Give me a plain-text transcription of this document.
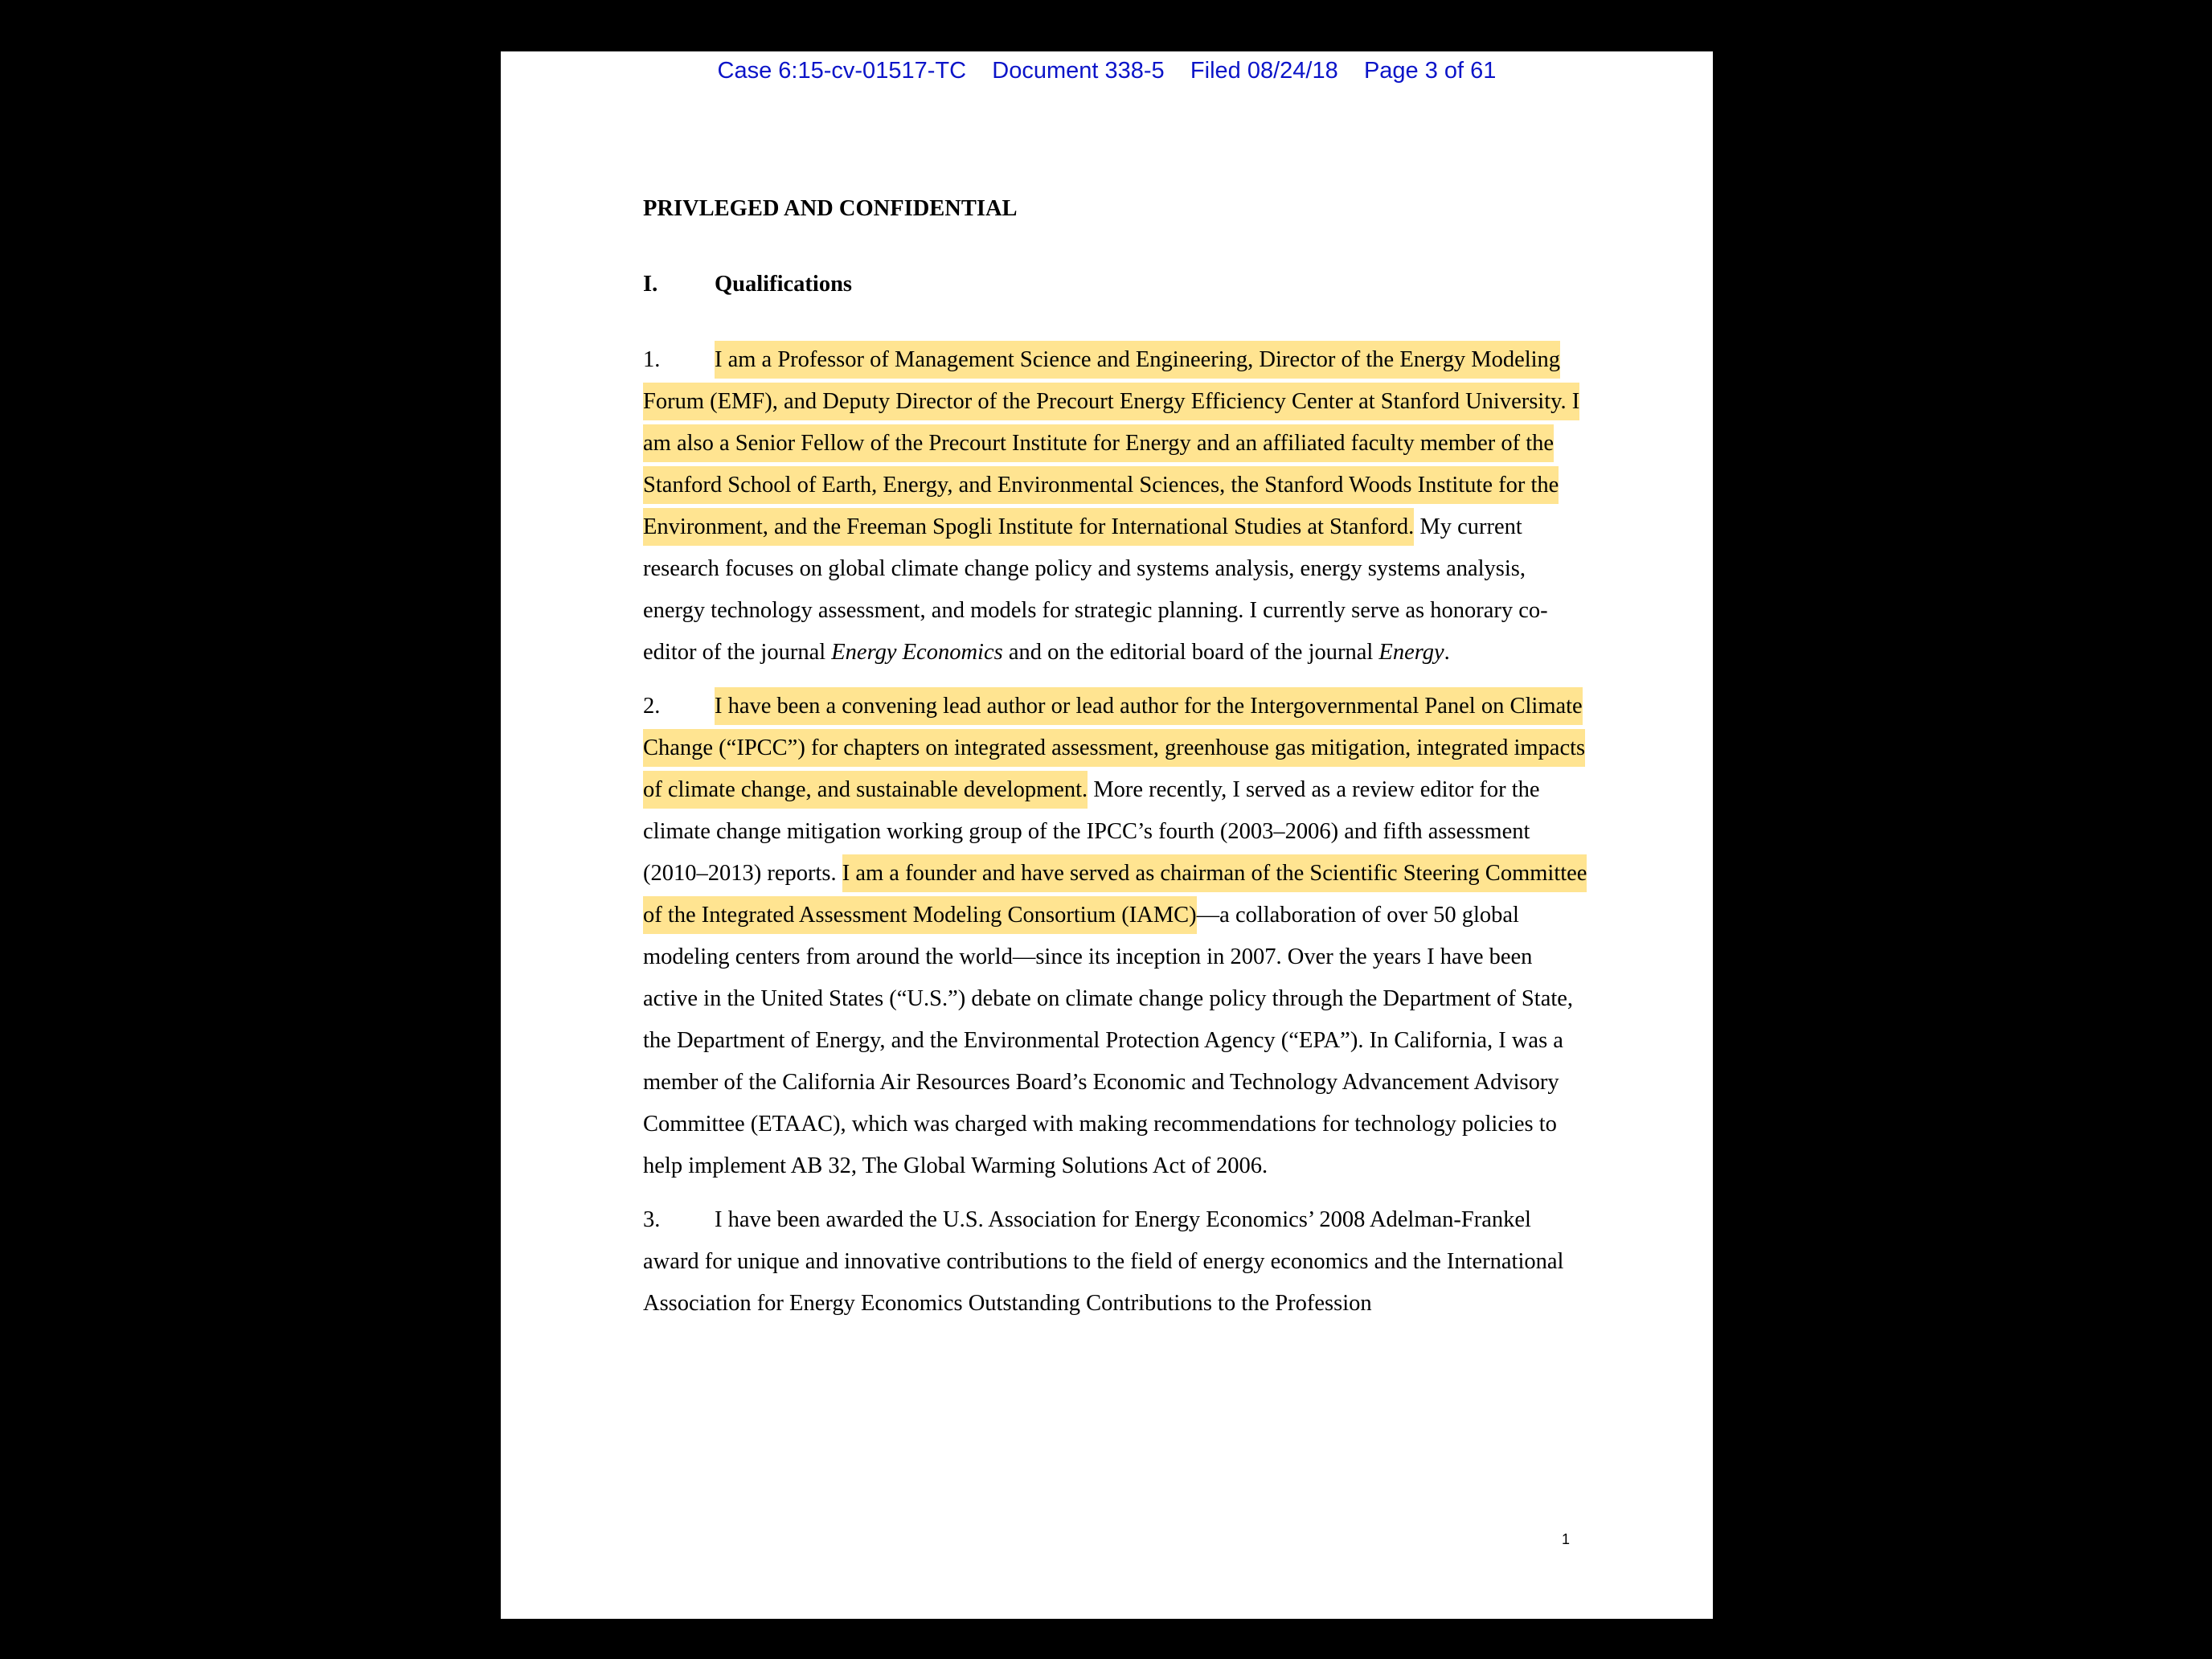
Case 6:15-cv-01517-TC Document 338-5 Filed 08/24/18 Page 3 of 61

PRIVLEGED AND CONFIDENTIAL

I. Qualifications

1. I am a Professor of Management Science and Engineering, Director of the Energy Modeling Forum (EMF), and Deputy Director of the Precourt Energy Efficiency Center at Stanford University. I am also a Senior Fellow of the Precourt Institute for Energy and an affiliated faculty member of the Stanford School of Earth, Energy, and Environmental Sciences, the Stanford Woods Institute for the Environment, and the Freeman Spogli Institute for International Studies at Stanford. My current research focuses on global climate change policy and systems analysis, energy systems analysis, energy technology assessment, and models for strategic planning. I currently serve as honorary co-editor of the journal Energy Economics and on the editorial board of the journal Energy.

2. I have been a convening lead author or lead author for the Intergovernmental Panel on Climate Change (“IPCC”) for chapters on integrated assessment, greenhouse gas mitigation, integrated impacts of climate change, and sustainable development. More recently, I served as a review editor for the climate change mitigation working group of the IPCC’s fourth (2003–2006) and fifth assessment (2010–2013) reports. I am a founder and have served as chairman of the Scientific Steering Committee of the Integrated Assessment Modeling Consortium (IAMC)—a collaboration of over 50 global modeling centers from around the world—since its inception in 2007. Over the years I have been active in the United States (“U.S.”) debate on climate change policy through the Department of State, the Department of Energy, and the Environmental Protection Agency (“EPA”). In California, I was a member of the California Air Resources Board’s Economic and Technology Advancement Advisory Committee (ETAAC), which was charged with making recommendations for technology policies to help implement AB 32, The Global Warming Solutions Act of 2006.

3. I have been awarded the U.S. Association for Energy Economics’ 2008 Adelman-Frankel award for unique and innovative contributions to the field of energy economics and the International Association for Energy Economics Outstanding Contributions to the Profession

1
